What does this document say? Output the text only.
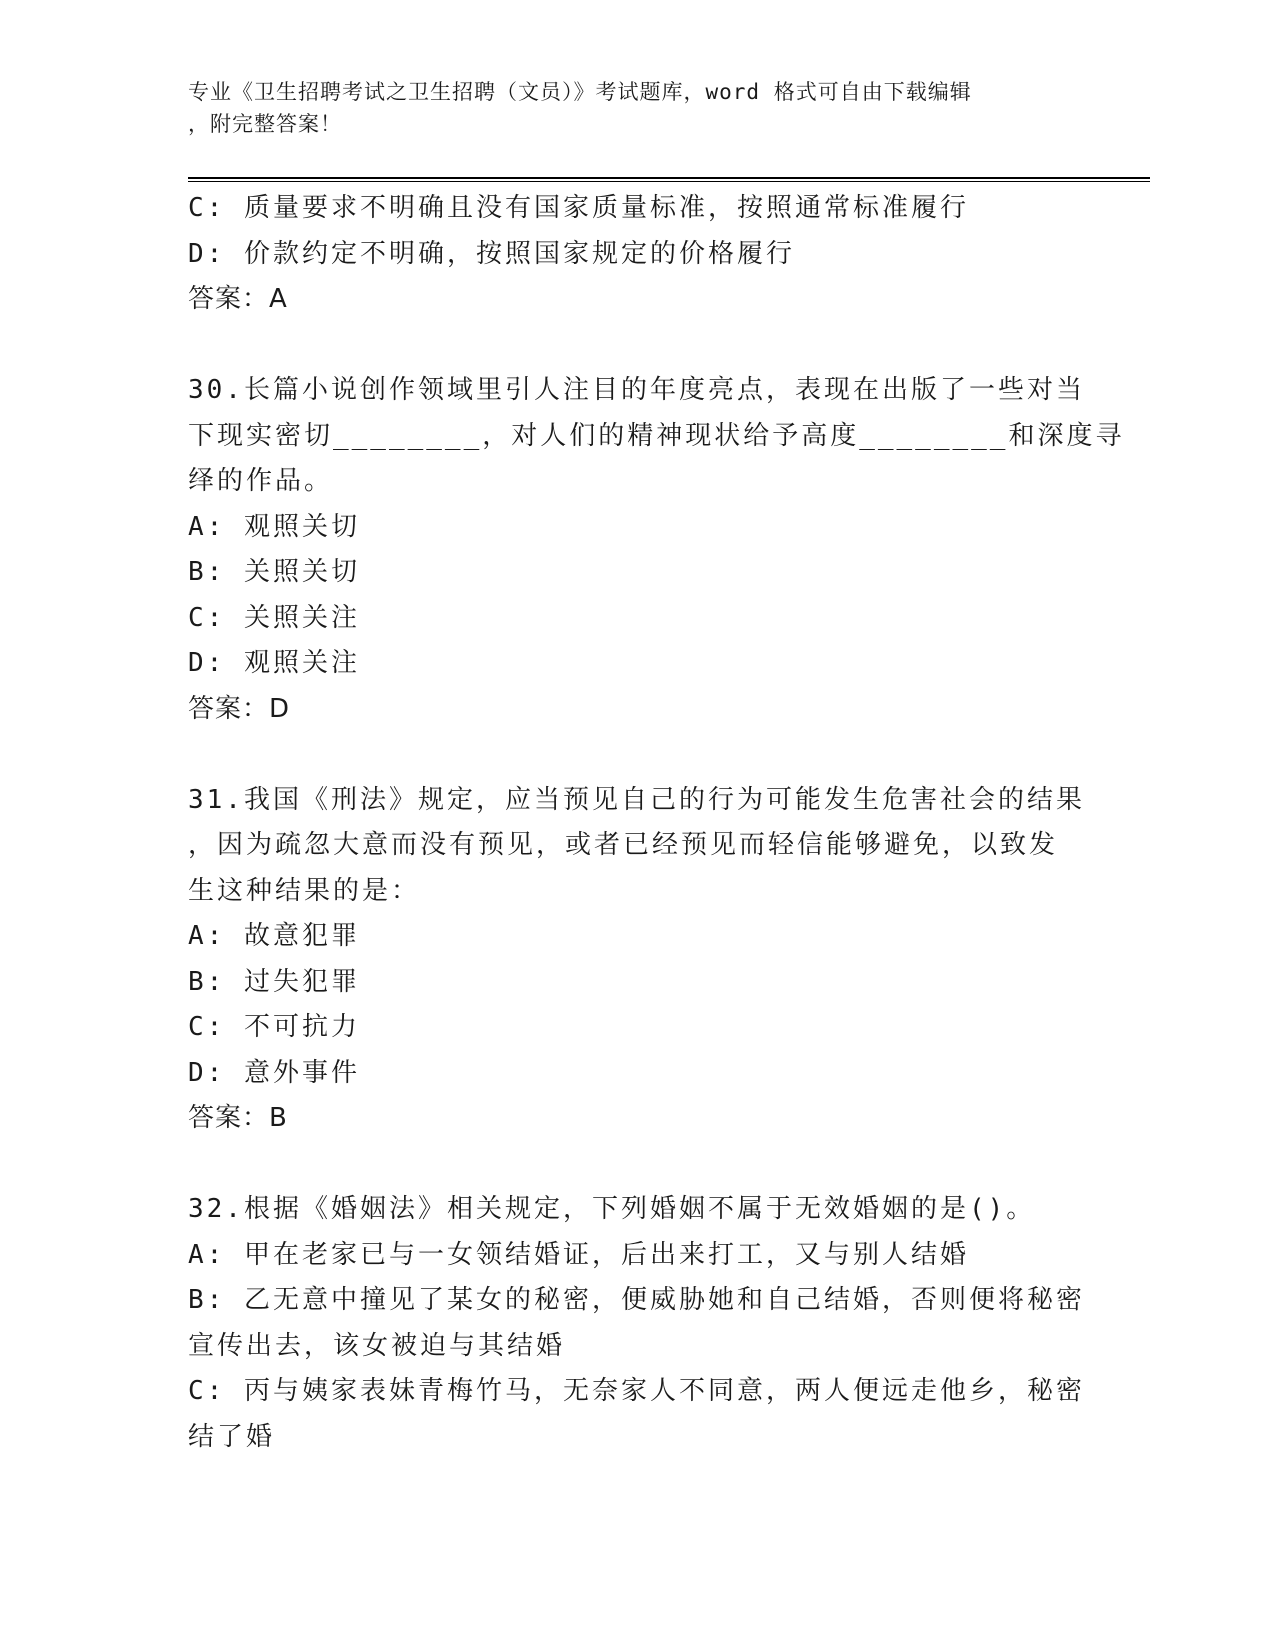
专业《卫生招聘考试之卫生招聘（文员）》考试题库，word 格式可自由下载编辑
，附完整答案！
C: 质量要求不明确且没有国家质量标准，按照通常标准履行
D: 价款约定不明确，按照国家规定的价格履行
答案：A
30.长篇小说创作领域里引人注目的年度亮点，表现在出版了一些对当
下现实密切________，对人们的精神现状给予高度________和深度寻
绎的作品。
A: 观照关切
B: 关照关切
C: 关照关注
D: 观照关注
答案：D
31.我国《刑法》规定，应当预见自己的行为可能发生危害社会的结果
，因为疏忽大意而没有预见，或者已经预见而轻信能够避免，以致发
生这种结果的是：
A: 故意犯罪
B: 过失犯罪
C: 不可抗力
D: 意外事件
答案：B
32.根据《婚姻法》相关规定，下列婚姻不属于无效婚姻的是()。
A: 甲在老家已与一女领结婚证，后出来打工，又与别人结婚
B: 乙无意中撞见了某女的秘密，便威胁她和自己结婚，否则便将秘密
宣传出去，该女被迫与其结婚
C: 丙与姨家表妹青梅竹马，无奈家人不同意，两人便远走他乡，秘密
结了婚
